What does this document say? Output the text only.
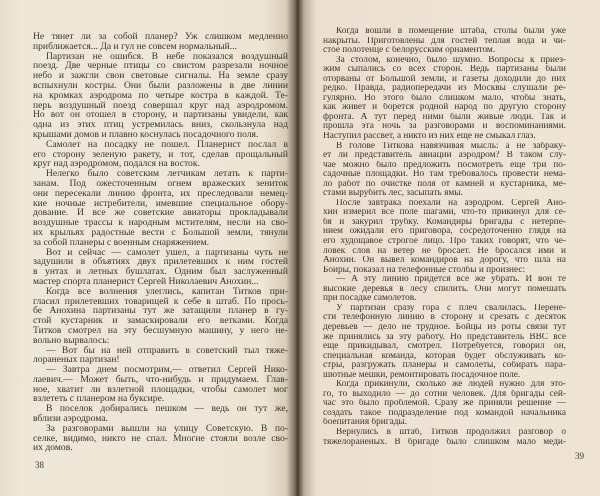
Не тянет ли за собой планер? Уж слишком медленно
приближается... Да и гул не совсем нормальный...
Партизан не ошибся. В небе показался воздушный
поезд. Две черные птицы со свистом разрезали ночное
небо и зажгли свои световые сигналы. На земле сразу
вспыхнули костры. Они были разложены в две линии
на кромках аэродрома по четыре костра в каждой. Те-
перь воздушный поезд совершал круг над аэродромом.
Но вот он отошел в сторону, и партизаны увидели, как
одна из этих птиц устремилась вниз, скользнула над
крышами домов и плавно коснулась посадочного поля.
Самолет на посадку не пошел. Планерист послал в
его сторону зеленую ракету, и тот, сделав прощальный
круг над аэродромом, подался на восток.
Нелегко было советским летчикам летать к парти-
занам. Под ожесточенным огнем вражеских зениток
они пересекали линию фронта, их преследовали немец-
кие ночные истребители, имевшие специальное обору-
дование. И все же советские авиаторы прокладывали
воздушные трассы к народным мстителям, несли на сво-
их крыльях радостные вести с Большой земли, тянули
за собой планеры с военным снаряжением.
Вот и сейчас — самолет ушел, а партизаны чуть не
задушили в объятиях двух прилетевших к ним гостей
в унтах и летных бушлатах. Одним был заслуженный
мастер спорта планерист Сергей Николаевич Анохин...
Когда все волнения улеглись, капитан Титков при-
гласил прилетевших товарищей к себе в штаб. По прось-
бе Анохина партизаны тут же затащили планер в гу-
стой кустарник и замаскировали его ветками. Когда
Титков смотрел на эту бесшумную машину, у него не-
вольно вырвалось:
— Вот бы на ней отправить в советский тыл тяже-
лораненых партизан!
— Завтра днем посмотрим,— ответил Сергей Нико-
лаевич.— Может быть, что-нибудь и придумаем. Глав-
ное, хватит ли взлетной площадки, чтобы самолет мог
взлететь с планером на буксире.
В поселок добирались пешком — ведь он тут же,
вблизи аэродрома.
За разговорами вышли на улицу Советскую. В по-
селке, видимо, никто не спал. Многие стояли возле сво-
их домов.
38
Когда вошли в помещение штаба, столы были уже
накрыты. Приготовлены для гостей теплая вода и чи-
стое полотенце с белорусским орнаментом.
За столом, конечно, было шумно. Вопросы к приез-
жим сыпались со всех сторон. Ведь партизаны были
оторваны от Большой земли, и газеты доходили до них
редко. Правда, радиопередачи из Москвы слушали ре-
гулярно. Но этого было слишком мало, чтобы знать,
как живет и борется родной народ по другую сторону
фронта. А тут перед ними были живые люди. Так и
прошла эта ночь за разговорами и воспоминаниями.
Наступил рассвет, а никто из них еще не смыкал глаз.
В голове Титкова навязчивая мысль: а не забраку-
ет ли представитель авиации аэродром? В таком слу-
чае можно было предложить посмотреть еще три по-
садочные площадки. Но там требовалось провести нема-
ло работ по очистке поля от камней и кустарника, ме-
стами вырубить лес, засыпать ямы.
После завтрака поехали на аэродром. Сергей Ано-
хин измерил все поле шагами, что-то прикинул для се-
бя и закурил трубку. Командиры бригады с нетерпе-
нием ожидали его приговора, сосредоточенно глядя на
его худощавое строгое лицо. Про таких говорят, что че-
ловек слов на ветер не бросает. Не бросался ими и
Анохин. Он вывел командиров на дорогу, что шла на
Боиры, показал на телефонные столбы и произнес:
— А эту линию придется все же убрать. И вон те
высокие деревья в лесу спилить. Они могут помешать
при посадке самолетов.
У партизан сразу гора с плеч свалилась. Перене-
сти телефонную линию в сторону и срезать с десяток
деревьев — дело не трудное. Бойцы из роты связи тут
же принялись за эту работу. Но представитель ВВС все
еще прикидывал, смотрел. Потребуется, говорил он,
специальная команда, которая будет обслуживать ко-
стры, разгружать планеры и самолеты, собирать пара-
шютные мешки, ремонтировать посадочное поле.
Когда прикинули, сколько же людей нужно для это-
го, то выходило — до сотни человек. Для бригады сей-
час это было проблемой. Сразу же приняли решение —
создать такое подразделение под командой начальника
боепитания бригады.
Вернулись в штаб, Титков продолжил разговор о
тяжелораненых. В бригаде было слишком мало меди-
39
